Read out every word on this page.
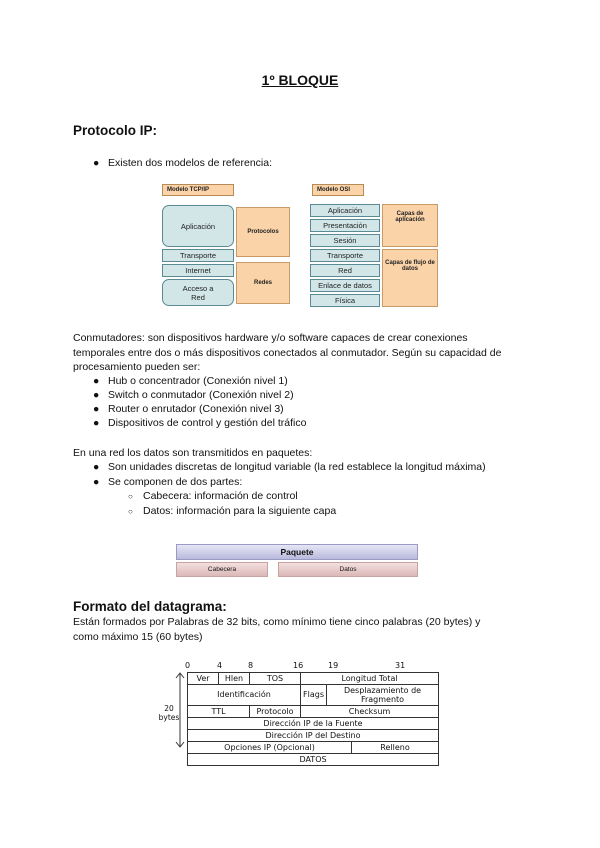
1º BLOQUE
Protocolo IP:
● Existen dos modelos de referencia:
Modelo TCP/IP
Aplicación
Transporte
Internet
Acceso a Red
Protocolos
Redes
Modelo OSI
Aplicación
Presentación
Sesión
Transporte
Red
Enlace de datos
Física
Capas de aplicación
Capas de flujo de datos
Conmutadores: son dispositivos hardware y/o software capaces de crear conexiones
temporales entre dos o más dispositivos conectados al conmutador. Según su capacidad de
procesamiento pueden ser:
● Hub o concentrador (Conexión nivel 1)
● Switch o conmutador (Conexión nivel 2)
● Router o enrutador (Conexión nivel 3)
● Dispositivos de control y gestión del tráfico
En una red los datos son transmitidos en paquetes:
● Son unidades discretas de longitud variable (la red establece la longitud máxima)
● Se componen de dos partes:
○ Cabecera: información de control
○ Datos: información para la siguiente capa
Paquete
Cabecera	Datos
Formato del datagrama:
Están formados por Palabras de 32 bits, como mínimo tiene cinco palabras (20 bytes) y
como máximo 15 (60 bytes)
0	4	8	16	19	31
20
bytes
Ver	Hlen	TOS	Longitud Total		
Identificación			Flags	Desplazamiento de Fragmento	
TTL		Protocolo	Checksum		
Dirección IP de la Fuente					
Dirección IP del Destino					
Opciones IP (Opcional)					Relleno
DATOS					
